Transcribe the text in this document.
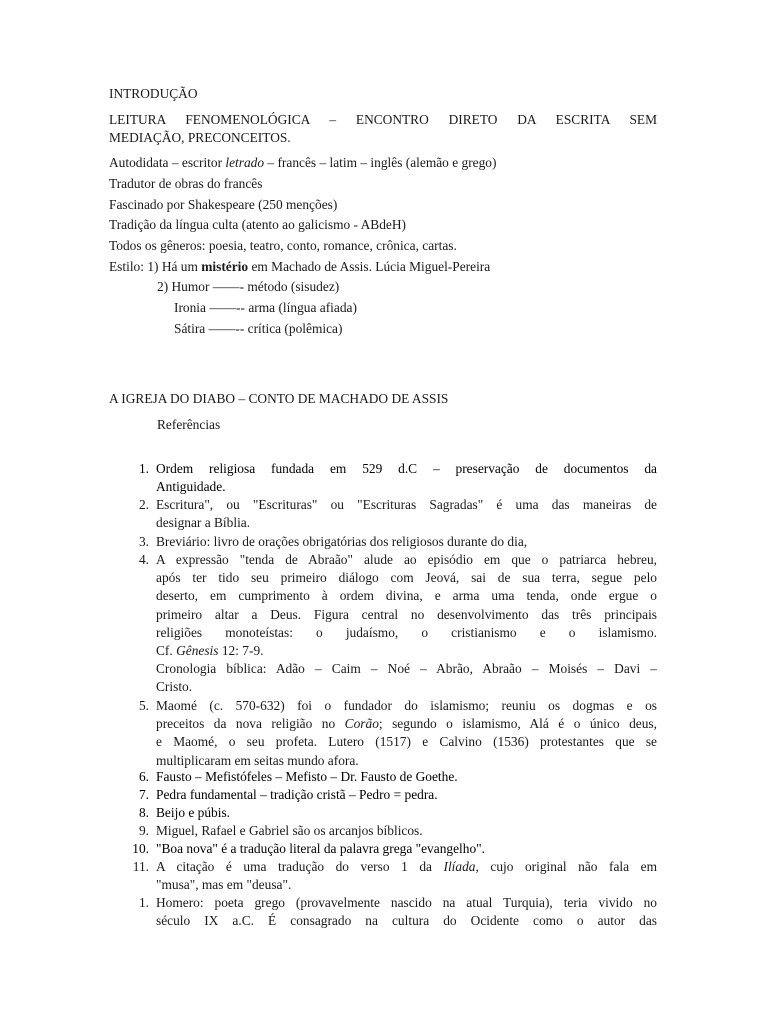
INTRODUÇÃO
LEITURA FENOMENOLÓGICA – ENCONTRO DIRETO DA ESCRITA SEM
MEDIAÇÃO, PRECONCEITOS.
Autodidata – escritor letrado – francês – latim – inglês (alemão e grego)
Tradutor de obras do francês
Fascinado por Shakespeare (250 menções)
Tradição da língua culta (atento ao galicismo - ABdeH)
Todos os gêneros: poesia, teatro, conto, romance, crônica, cartas.
Estilo: 1) Há um mistério em Machado de Assis. Lúcia Miguel-Pereira
2) Humor ——- método (sisudez)
Ironia ——-- arma (língua afiada)
Sátira ——-- crítica (polêmica)
A IGREJA DO DIABO – CONTO DE MACHADO DE ASSIS
Referências
1. Ordem religiosa fundada em 529 d.C – preservação de documentos da
Antiguidade.
2. Escritura", ou "Escrituras" ou "Escrituras Sagradas" é uma das maneiras de
designar a Bíblia.
3. Breviário: livro de orações obrigatórias dos religiosos durante do dia,
4. A expressão "tenda de Abraão" alude ao episódio em que o patriarca hebreu,
após ter tido seu primeiro diálogo com Jeová, sai de sua terra, segue pelo
deserto, em cumprimento à ordem divina, e arma uma tenda, onde ergue o
primeiro altar a Deus. Figura central no desenvolvimento das três principais
religiões monoteístas: o judaísmo, o cristianismo e o islamismo.
Cf. Gênesis 12: 7-9.
Cronologia bíblica: Adão – Caim – Noé – Abrão, Abraão – Moisés – Davi –
Cristo.
5. Maomé (c. 570-632) foi o fundador do islamismo; reuniu os dogmas e os
preceitos da nova religião no Corão; segundo o islamismo, Alá é o único deus,
e Maomé, o seu profeta. Lutero (1517) e Calvino (1536) protestantes que se
multiplicaram em seitas mundo afora.
6. Fausto – Mefistófeles – Mefisto – Dr. Fausto de Goethe.
7. Pedra fundamental – tradição cristã – Pedro = pedra.
8. Beijo e púbis.
9. Miguel, Rafael e Gabriel são os arcanjos bíblicos.
10. "Boa nova" é a tradução literal da palavra grega "evangelho".
11. A citação é uma tradução do verso 1 da Ilíada, cujo original não fala em
"musa", mas em "deusa".
1. Homero: poeta grego (provavelmente nascido na atual Turquia), teria vivido no
século IX a.C. É consagrado na cultura do Ocidente como o autor das
